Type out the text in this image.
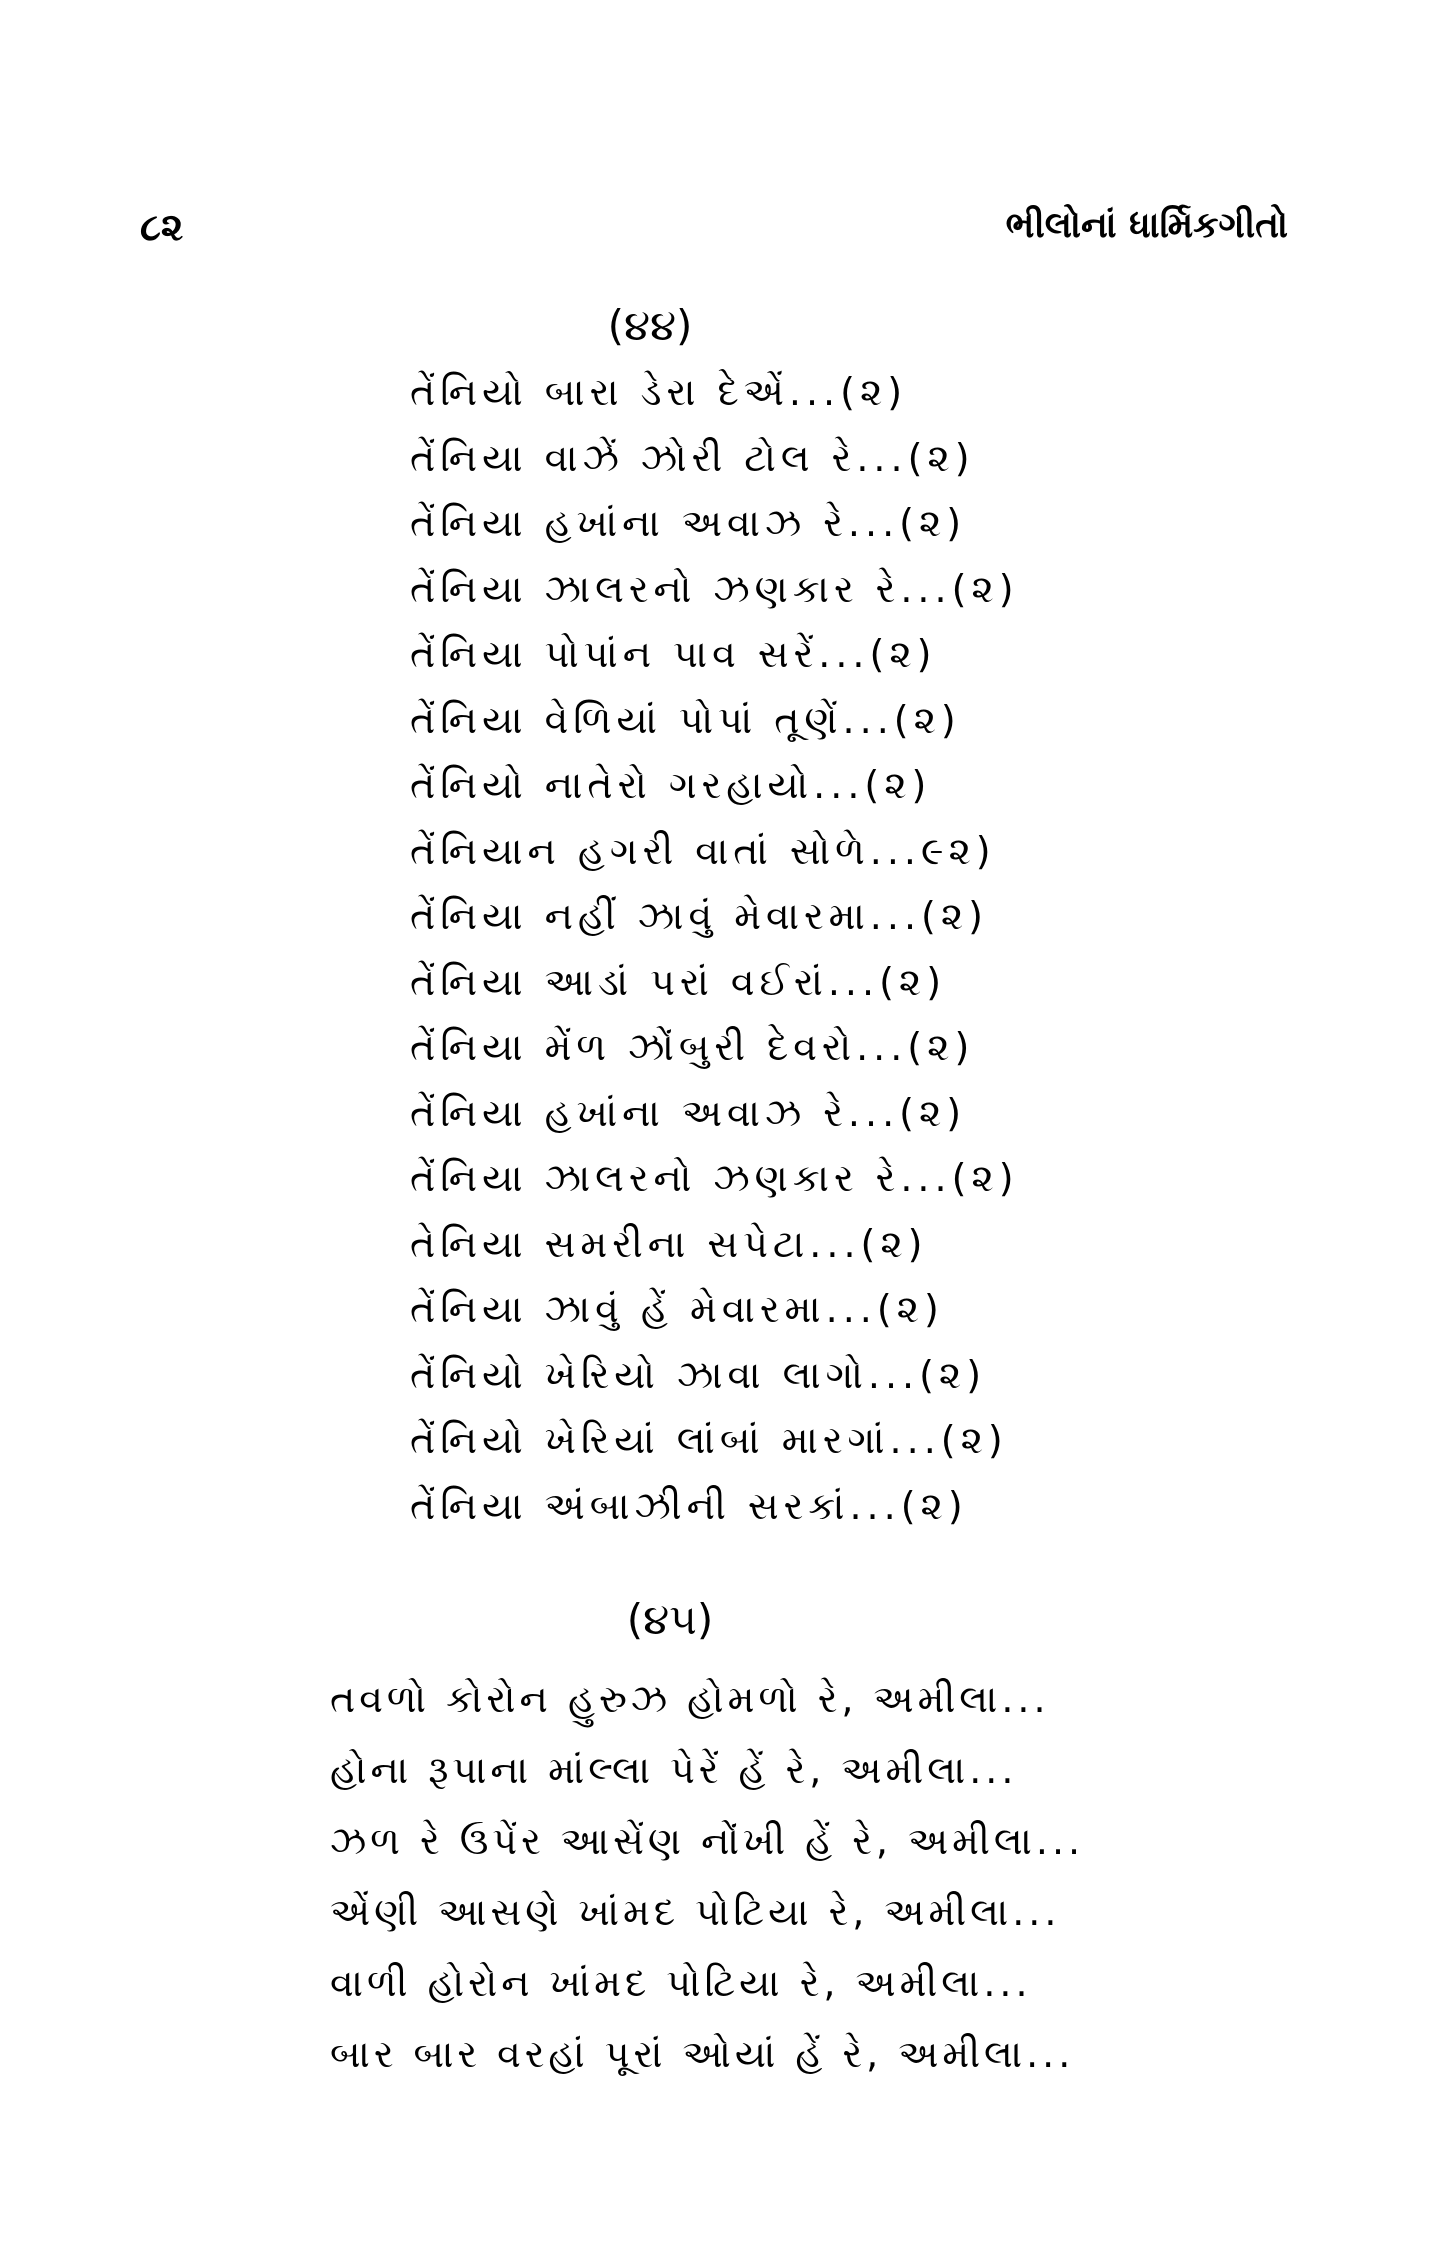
૮૨	ભીલોનાં ધાર્મિકગીતો
(૪૪)
તેંનિયો બારા ડેરા દેએં...(૨)
તેંનિયા વાઝેં ઝોરી ટોલ રે...(૨)
તેંનિયા હખાંના અવાઝ રે...(૨)
તેંનિયા ઝાલરનો ઝણકાર રે...(૨)
તેંનિયા પોપાંન પાવ સરેં...(૨)
તેંનિયા વેળિયાં પોપાં તૂણેં...(૨)
તેંનિયો નાતેરો ગરહાયો...(૨)
તેંનિયાન હગરી વાતાં સોળે...૯૨)
તેંનિયા નહીં ઝાવું મેવારમા...(૨)
તેંનિયા આડાં પરાં વઈરાં...(૨)
તેંનિયા મેંળ ઝોંબુરી દેવરો...(૨)
તેંનિયા હખાંના અવાઝ રે...(૨)
તેંનિયા ઝાલરનો ઝણકાર રે...(૨)
તેનિયા સમરીના સપેટા...(૨)
તેંનિયા ઝાવું હેં મેવારમા...(૨)
તેંનિયો ખેરિયો ઝાવા લાગો...(૨)
તેંનિયો ખેરિયાં લાંબાં મારગાં...(૨)
તેંનિયા અંબાઝીની સરકાં...(૨)
(૪૫)
તવળો કોરોન હુરુઝ હોમળો રે, અમીલા...
હોના રૂપાના માંલ્લા પેરેં હેં રે, અમીલા...
ઝળ રે ઉપેંર આસેંણ નોંખી હેં રે, અમીલા...
એંણી આસણે ખાંમદ પોટિયા રે, અમીલા...
વાળી હોરોન ખાંમદ પોટિયા રે, અમીલા...
બાર બાર વરહાં પૂરાં ઓયાં હેં રે, અમીલા...
